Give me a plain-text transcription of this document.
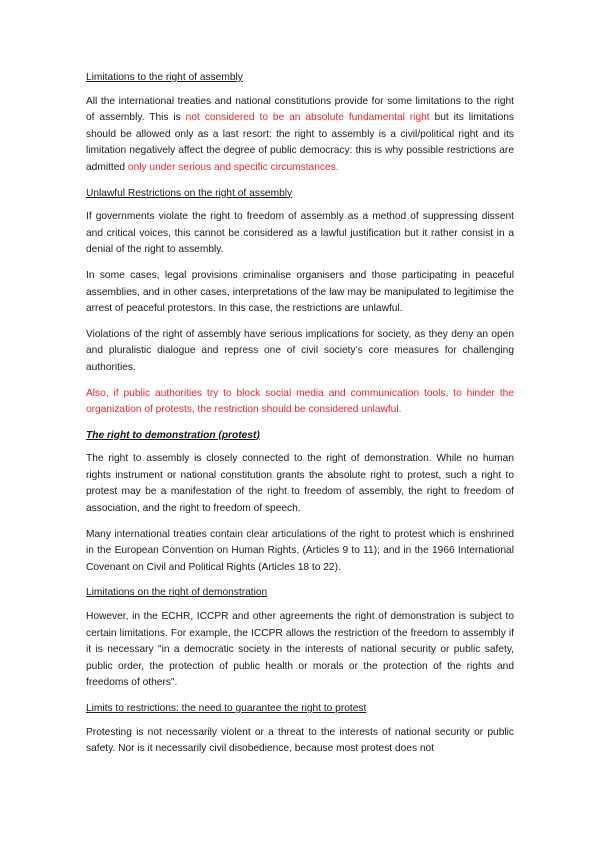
Limitations to the right of assembly
All the international treaties and national constitutions provide for some limitations to the right of assembly. This is not considered to be an absolute fundamental right but its limitations should be allowed only as a last resort: the right to assembly is a civil/political right and its limitation negatively affect the degree of public democracy: this is why possible restrictions are admitted only under serious and specific circumstances.
Unlawful Restrictions on the right of assembly
If governments violate the right to freedom of assembly as a method of suppressing dissent and critical voices, this cannot be considered as a lawful justification but it rather consist in a denial of the right to assembly.
In some cases, legal provisions criminalise organisers and those participating in peaceful assemblies, and in other cases, interpretations of the law may be manipulated to legitimise the arrest of peaceful protestors. In this case, the restrictions are unlawful.
Violations of the right of assembly have serious implications for society, as they deny an open and pluralistic dialogue and repress one of civil society’s core measures for challenging authorities.
Also, if public authorities try to block social media and communication tools, to hinder the organization of protests, the restriction should be considered unlawful.
The right to demonstration (protest)
The right to assembly is closely connected to the right of demonstration. While no human rights instrument or national constitution grants the absolute right to protest, such a right to protest may be a manifestation of the right to freedom of assembly, the right to freedom of association, and the right to freedom of speech.
Many international treaties contain clear articulations of the right to protest which is enshrined in the European Convention on Human Rights, (Articles 9 to 11); and in the 1966 International Covenant on Civil and Political Rights (Articles 18 to 22).
Limitations on the right of demonstration
However, in the ECHR, ICCPR and other agreements the right of demonstration is subject to certain limitations. For example, the ICCPR allows the restriction of the freedom to assembly if it is necessary "in a democratic society in the interests of national security or public safety, public order, the protection of public health or morals or the protection of the rights and freedoms of others".
Limits to restrictions: the need to guarantee the right to protest
Protesting is not necessarily violent or a threat to the interests of national security or public safety. Nor is it necessarily civil disobedience, because most protest does not
